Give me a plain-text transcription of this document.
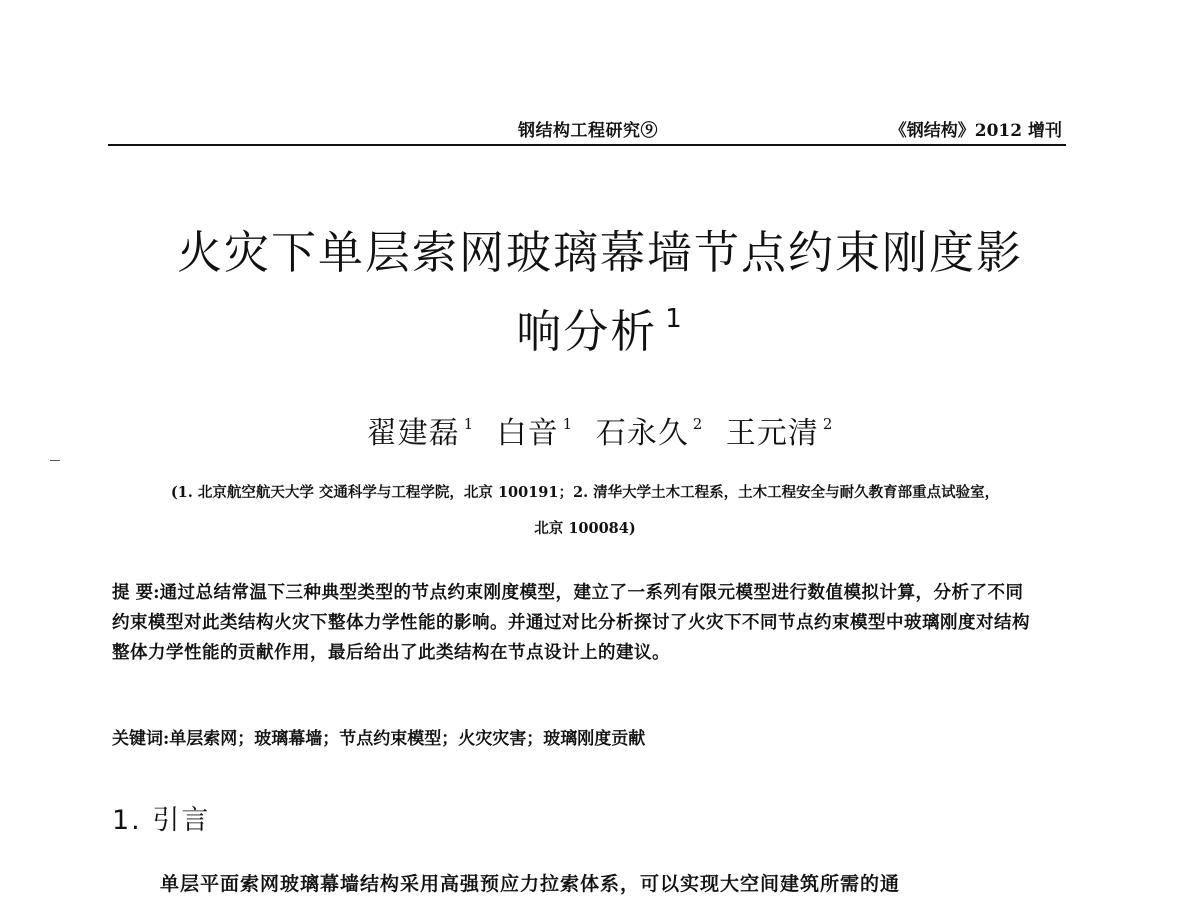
钢结构工程研究⑨	《钢结构》2012 增刊
火灾下单层索网玻璃幕墙节点约束刚度影
响分析 $^1$
翟建磊 $^1$ 白音 $^1$ 石永久 $^2$ 王元清 $^2$
(1. 北京航空航天大学 交通科学与工程学院，北京 100191；2. 清华大学土木工程系，土木工程安全与耐久教育部重点试验室，
北京 100084)
提 要:通过总结常温下三种典型类型的节点约束刚度模型，建立了一系列有限元模型进行数值模拟计算，分析了不同约束模型对此类结构火灾下整体力学性能的影响。并通过对比分析探讨了火灾下不同节点约束模型中玻璃刚度对结构整体力学性能的贡献作用，最后给出了此类结构在节点设计上的建议。
关键词:单层索网；玻璃幕墙；节点约束模型；火灾灾害；玻璃刚度贡献
1. 引言
单层平面索网玻璃幕墙结构采用高强预应力拉索体系，可以实现大空间建筑所需的通
